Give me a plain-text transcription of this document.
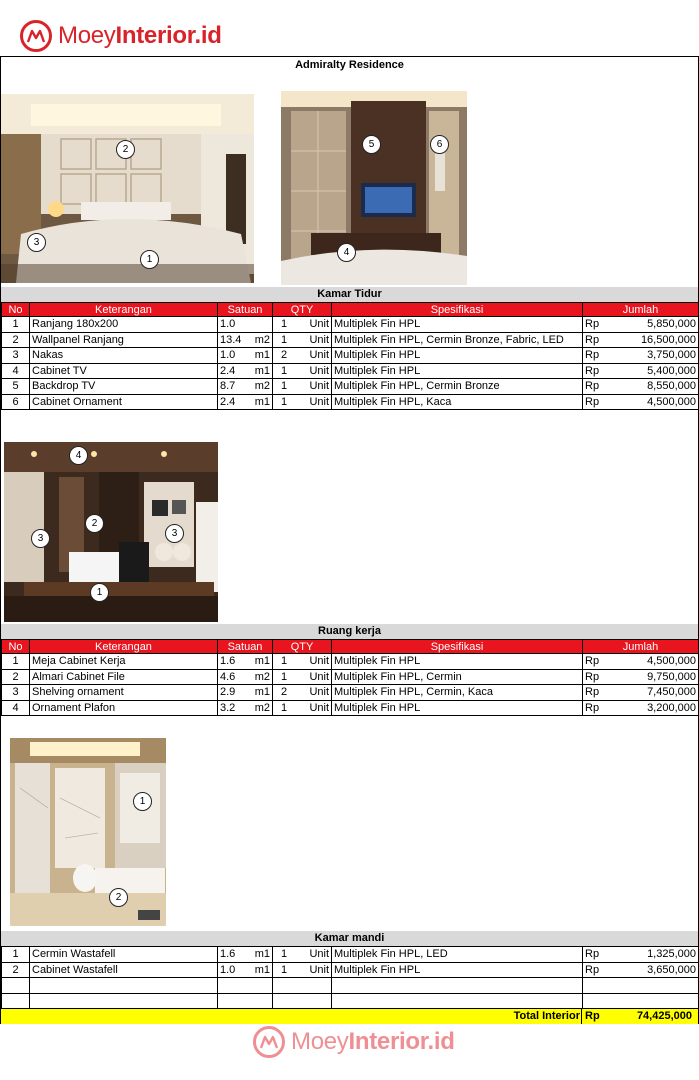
MoeyInterior.id
Admiralty Residence
2
3
1
5	6
4
Kamar Tidur
No	Keterangan	Satuan	QTY	Spesifikasi	Jumlah
1	Ranjang 180x200	1.0	1 Unit	Multiplek Fin HPL	Rp 5,850,000

2	Wallpanel Ranjang	13.4 m2	1 Unit	Multiplek Fin HPL, Cermin Bronze, Fabric, LED	Rp 16,500,000

3	Nakas	1.0 m1	2 Unit	Multiplek Fin HPL	Rp 3,750,000

4	Cabinet TV	2.4 m1	1 Unit	Multiplek Fin HPL	Rp 5,400,000

5	Backdrop TV	8.7 m2	1 Unit	Multiplek Fin HPL, Cermin Bronze	Rp 8,550,000

6	Cabinet Ornament	2.4 m1	1 Unit	Multiplek Fin HPL, Kaca	Rp 4,500,000
4
2
3	3
1
Ruang kerja
No	Keterangan	Satuan	QTY	Spesifikasi	Jumlah
1	Meja Cabinet Kerja	1.6 m1	1 Unit	Multiplek Fin HPL	Rp 4,500,000

2	Almari Cabinet File	4.6 m2	1 Unit	Multiplek Fin HPL, Cermin	Rp 9,750,000

3	Shelving ornament	2.9 m1	2 Unit	Multiplek Fin HPL, Cermin, Kaca	Rp 7,450,000

4	Ornament Plafon	3.2 m2	1 Unit	Multiplek Fin HPL	Rp 3,200,000
1
2
Kamar mandi
1	Cermin Wastafell	1.6 m1	1 Unit	Multiplek Fin HPL, LED	Rp 1,325,000

2	Cabinet Wastafell	1.0 m1	1 Unit	Multiplek Fin HPL	Rp 3,650,000

Total Interior Rp	74,425,000
MoeyInterior.id
